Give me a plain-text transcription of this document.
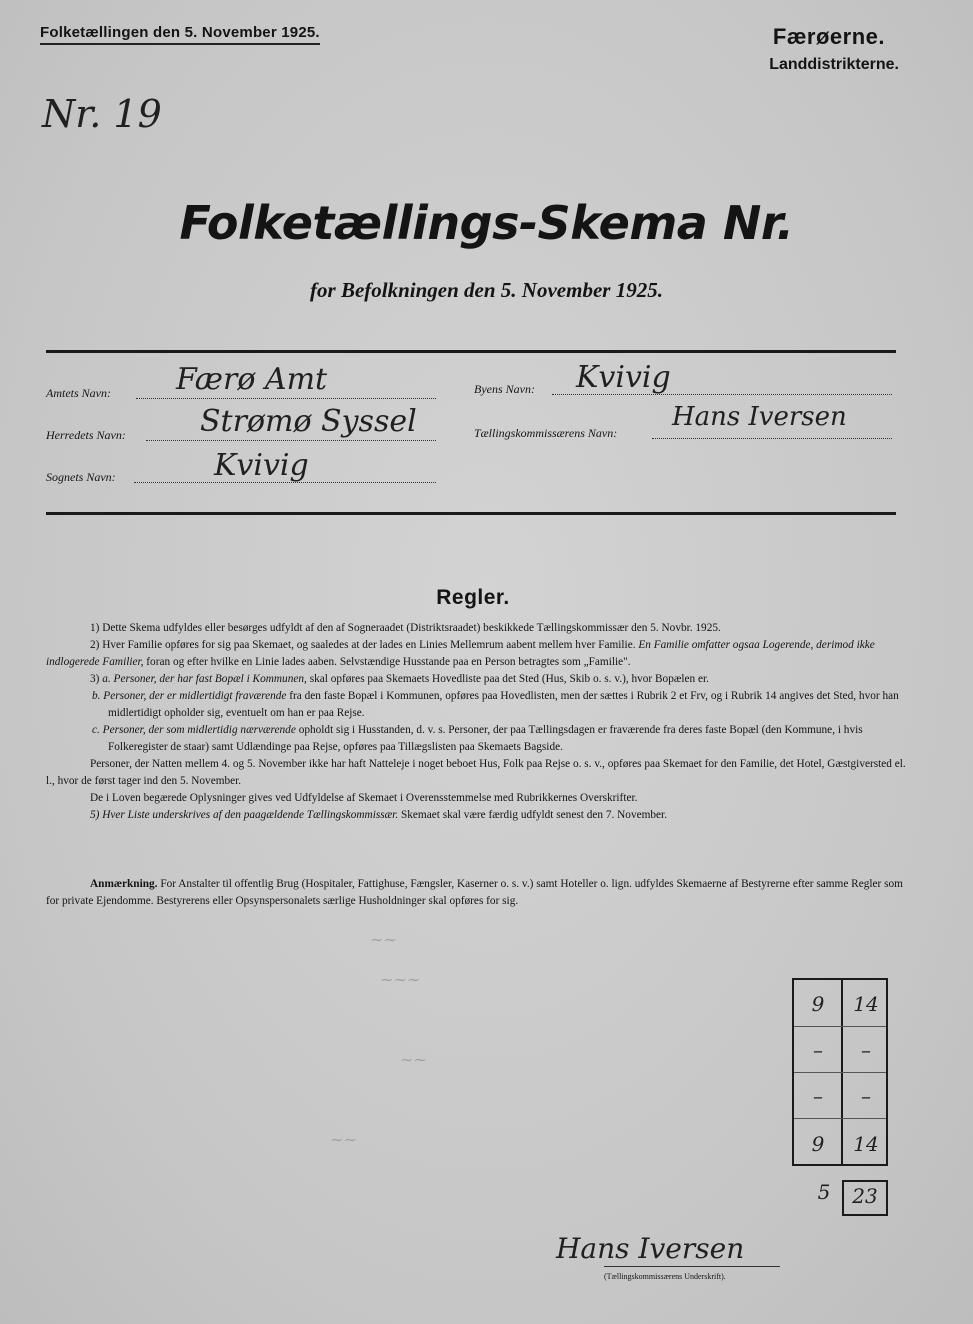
Folketællingen den 5. November 1925.	Færøerne.
Landdistrikterne.
Nr. 19
Folketællings-Skema Nr.
for Befolkningen den 5. November 1925.
Amtets Navn: Færø Amt
Herredets Navn: Strømø Syssel
Sognets Navn:	Kvivig
Byens Navn: Kvivig
Tællingskommissærens Navn:
Hans Iversen
Regler.

1) Dette Skema udfyldes eller besørges udfyldt af den af Sogneraadet (Distriktsraadet) beskikkede Tællingskommissær den 5. Novbr. 1925.

2) Hver Familie opføres for sig paa Skemaet, og saaledes at der lades en Linies Mellemrum aabent mellem hver Familie. En Familie omfatter ogsaa Logerende, derimod ikke indlogerede Familier, foran og efter hvilke en Linie lades aaben. Selvstændige Husstande paa en Person betragtes som „Familie".

3) a. Personer, der har fast Bopæl i Kommunen, skal opføres paa Skemaets Hovedliste paa det Sted (Hus, Skib o. s. v.), hvor Bopælen er.

b. Personer, der er midlertidigt fraværende fra den faste Bopæl i Kommunen, opføres paa Hovedlisten, men der sættes i Rubrik 2 et Frv, og i Rubrik 14 angives det Sted, hvor han midlertidigt opholder sig, eventuelt om han er paa Rejse.

c. Personer, der som midlertidig nærværende opholdt sig i Husstanden, d. v. s. Personer, der paa Tællingsdagen er fraværende fra deres faste Bopæl (den Kommune, i hvis Folkeregister de staar) samt Udlændinge paa Rejse, opføres paa Tillægslisten paa Skemaets Bagside.

Personer, der Natten mellem 4. og 5. November ikke har haft Natteleje i noget beboet Hus, Folk paa Rejse o. s. v., opføres paa Skemaet for den Familie, det Hotel, Gæstgiversted el. l., hvor de først tager ind den 5. November.

De i Loven begærede Oplysninger gives ved Udfyldelse af Skemaet i Overensstemmelse med Rubrikkernes Overskrifter.

5) Hver Liste underskrives af den paagældende Tællingskommissær. Skemaet skal være færdig udfyldt senest den 7. November.

Anmærkning. For Anstalter til offentlig Brug (Hospitaler, Fattighuse, Fængsler, Kaserner o. s. v.) samt Hoteller o. lign. udfyldes Skemaerne af Bestyrerne efter samme Regler som for private Ejendomme. Bestyrerens eller Opsynspersonalets særlige Husholdninger skal opføres for sig.
∼∼
∼∼∼
∼∼
∼∼
9	14
–	–
–	–
9	14
5	23
Hans Iversen
(Tællingskommissærens Underskrift).
